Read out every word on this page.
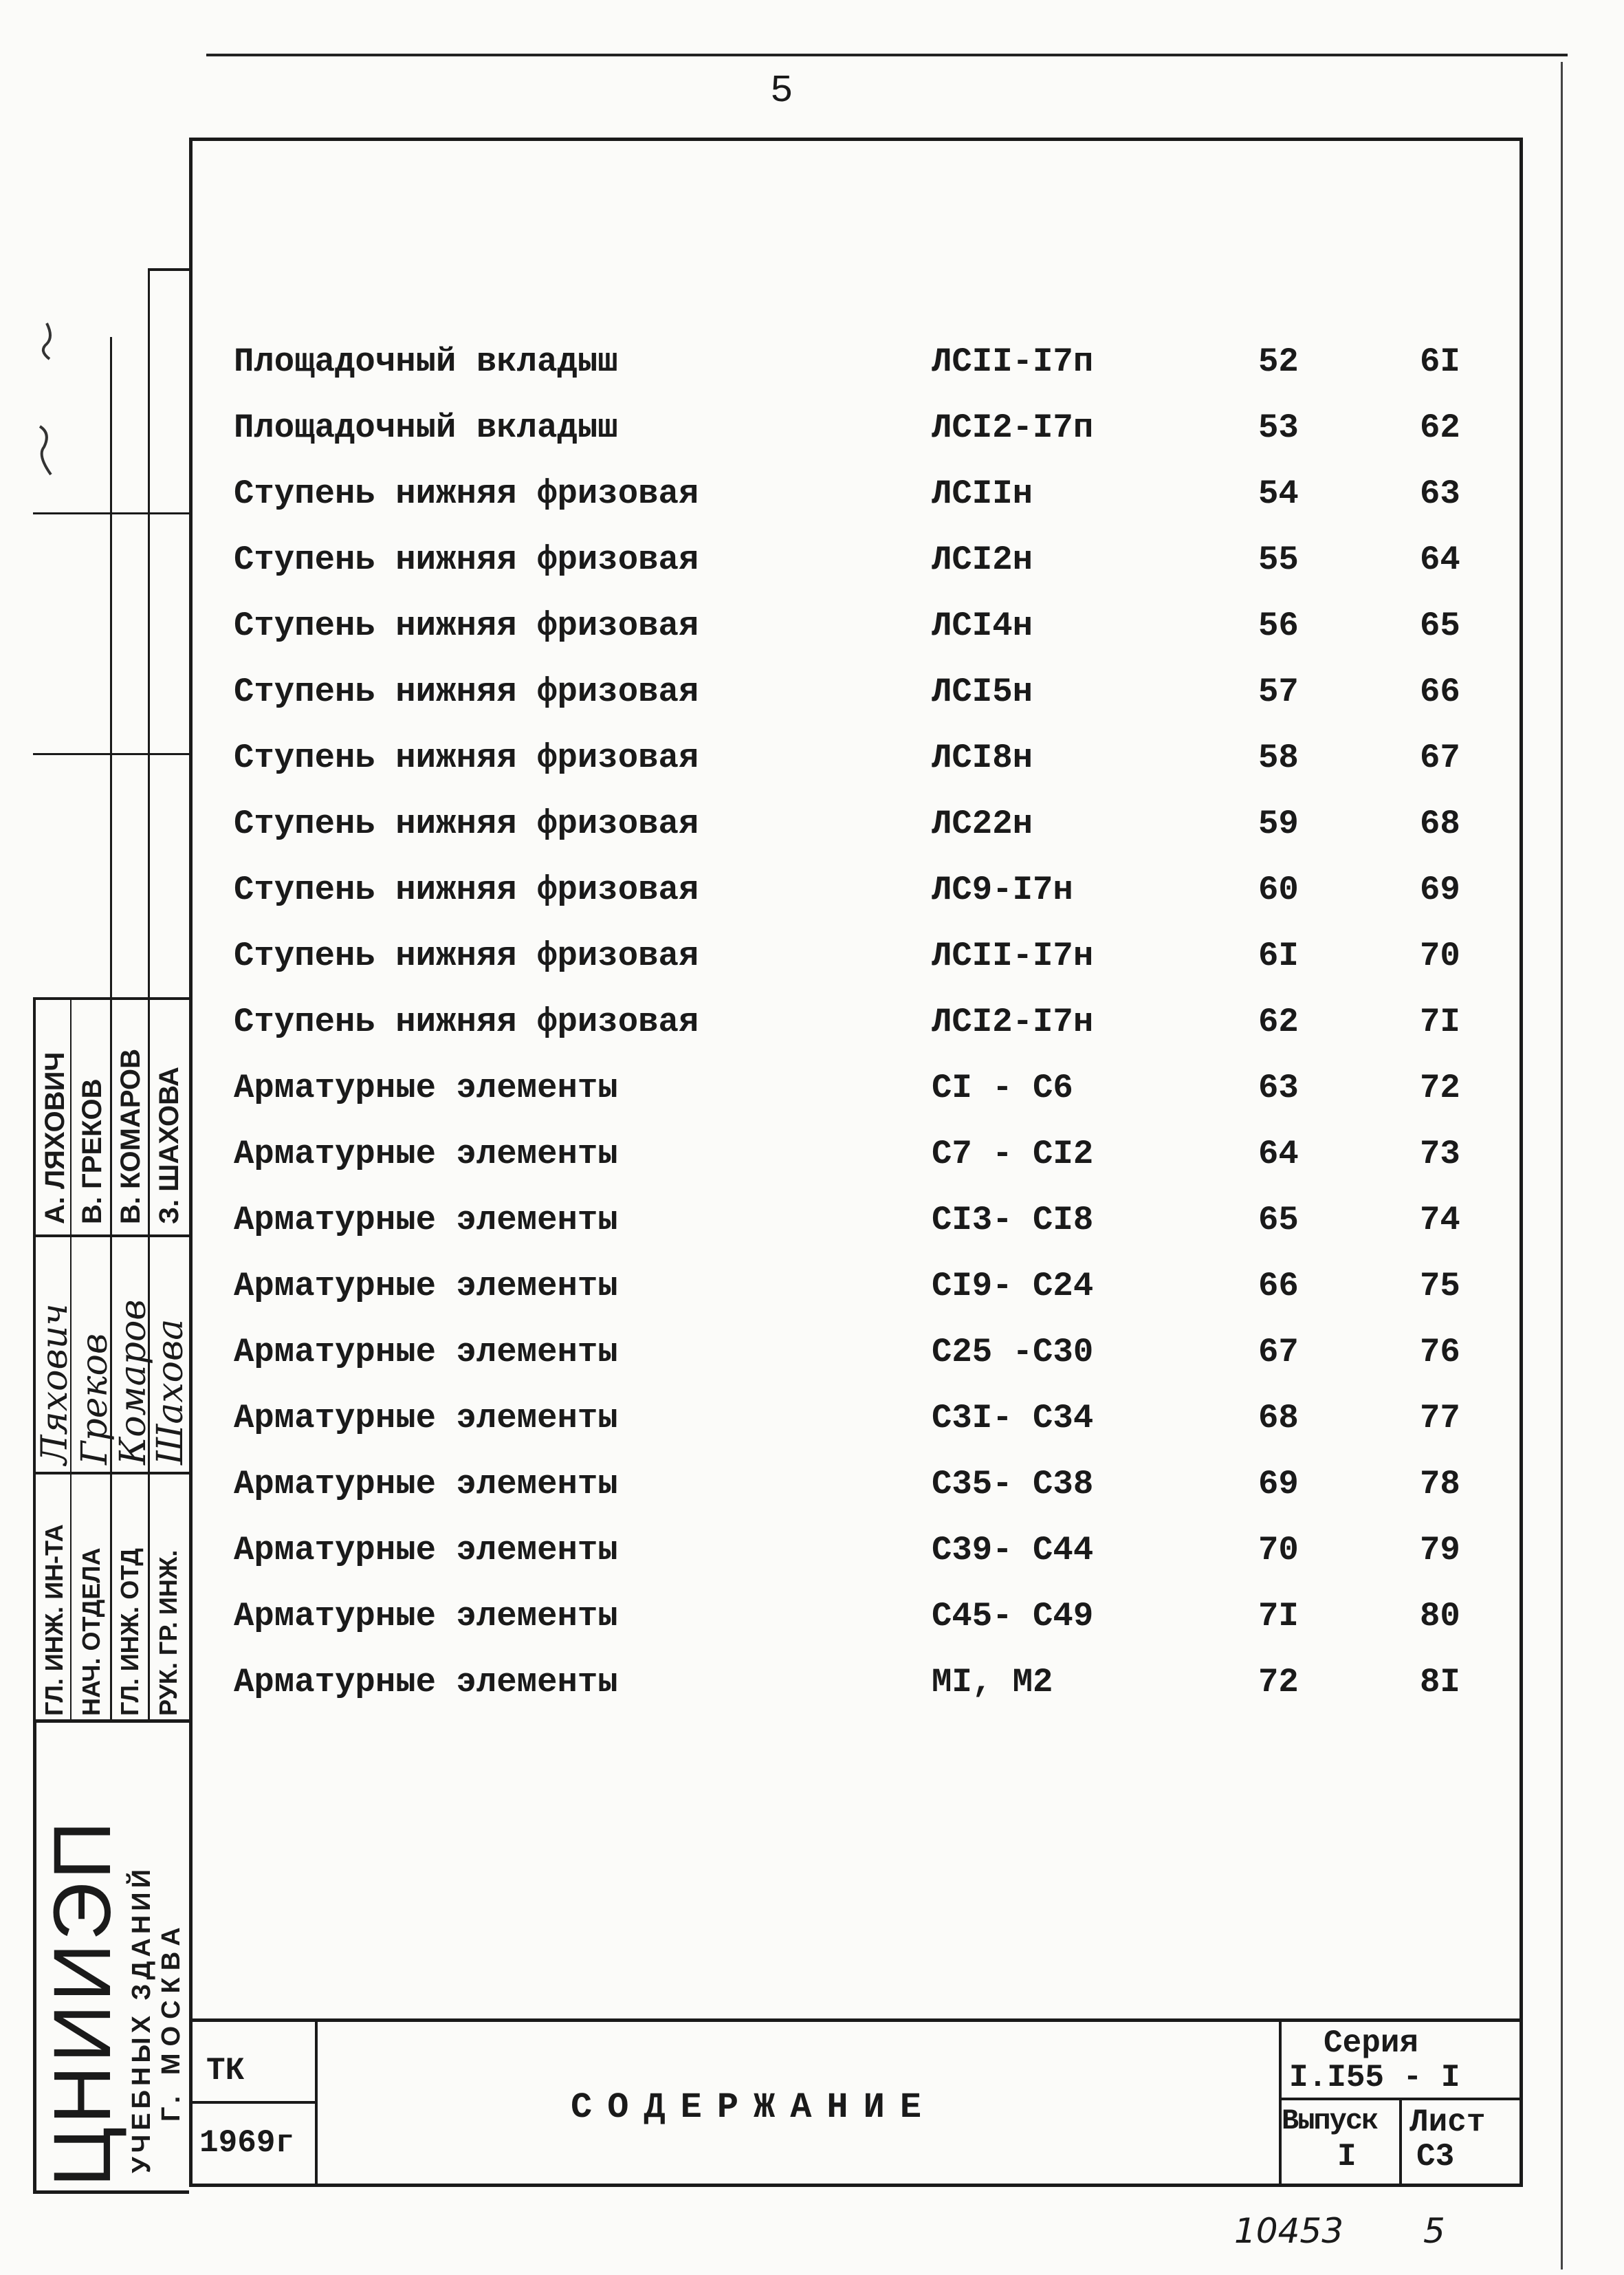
5
Площадочный вкладыш	ЛСII-I7п	52	6I
Площадочный вкладыш	ЛСI2-I7п	53	62
Ступень нижняя фризовая	ЛСIIн	54	63
Ступень нижняя фризовая	ЛСI2н	55	64
Ступень нижняя фризовая	ЛСI4н	56	65
Ступень нижняя фризовая	ЛСI5н	57	66
Ступень нижняя фризовая	ЛСI8н	58	67
Ступень нижняя фризовая	ЛС22н	59	68
Ступень нижняя фризовая	ЛС9-I7н	60	69
Ступень нижняя фризовая	ЛСII-I7н	6I	70
Ступень нижняя фризовая	ЛСI2-I7н	62	7I
Арматурные элементы	СI - С6	63	72
Арматурные элементы	С7 - СI2	64	73
Арматурные элементы	СI3- СI8	65	74
Арматурные элементы	СI9- С24	66	75
Арматурные элементы	С25 -С30	67	76
Арматурные элементы	С3I- С34	68	77
Арматурные элементы	С35- С38	69	78
Арматурные элементы	С39- С44	70	79
Арматурные элементы	С45- С49	7I	80
Арматурные элементы	МI, М2	72	8I
А. ЛЯХОВИЧ В. ГРЕКОВ В. КОМАРОВ З. ШАХОВА
Ляхович
Греков
Комаров
Шахова
ГЛ. ИНЖ. ИН-ТА НАЧ. ОТДЕЛА ГЛ. ИНЖ. ОТД РУК. ГР. ИНЖ.
ЦНИИЭП УЧЕБНЫХ ЗДАНИЙ Г. МОСКВА ТК
1969г
СОДЕРЖАНИЕ
Серия
I.I55 - I
Выпуск
I
Лист
С3
10453 5
